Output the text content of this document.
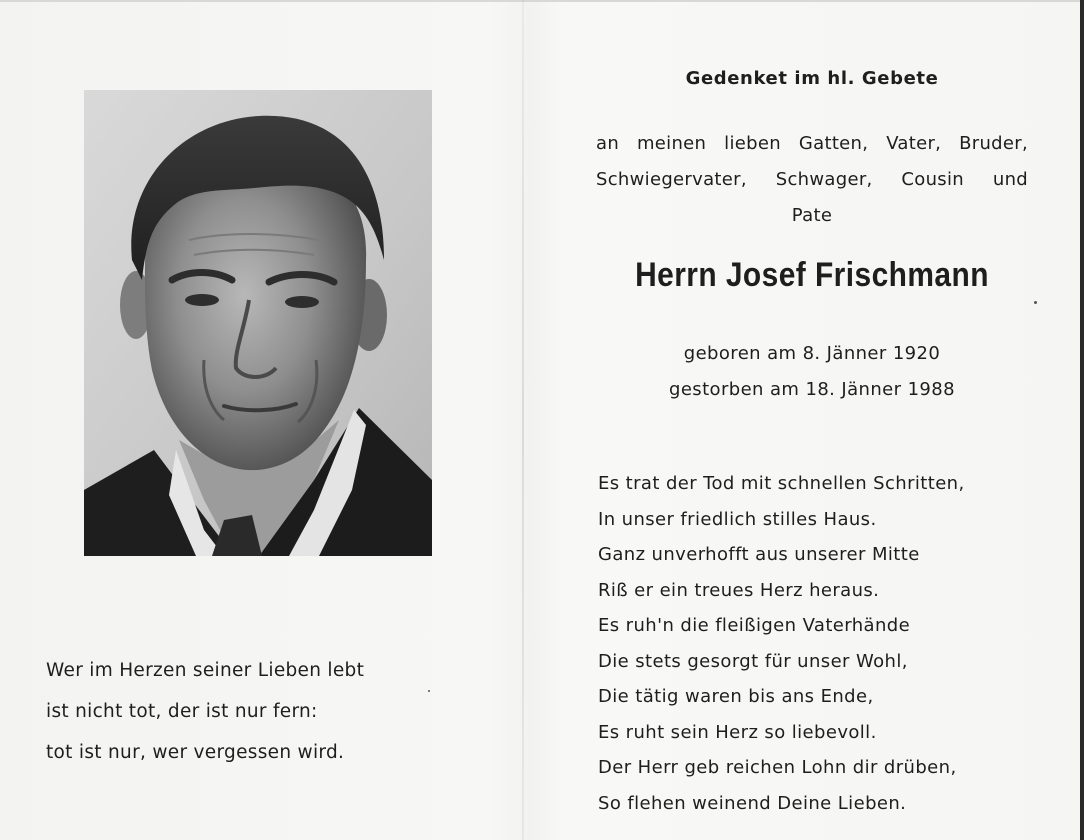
Wer im Herzen seiner Lieben lebt
ist nicht tot, der ist nur fern:
tot ist nur, wer vergessen wird.
Gedenket im hl. Gebete
an meinen lieben Gatten, Vater, Bruder,
Schwiegervater, Schwager, Cousin und
Pate
Herrn Josef Frischmann
geboren am 8. Jänner 1920
gestorben am 18. Jänner 1988
Es trat der Tod mit schnellen Schritten,
In unser friedlich stilles Haus.
Ganz unverhofft aus unserer Mitte
Riß er ein treues Herz heraus.
Es ruh'n die fleißigen Vaterhände
Die stets gesorgt für unser Wohl,
Die tätig waren bis ans Ende,
Es ruht sein Herz so liebevoll.
Der Herr geb reichen Lohn dir drüben,
So flehen weinend Deine Lieben.
